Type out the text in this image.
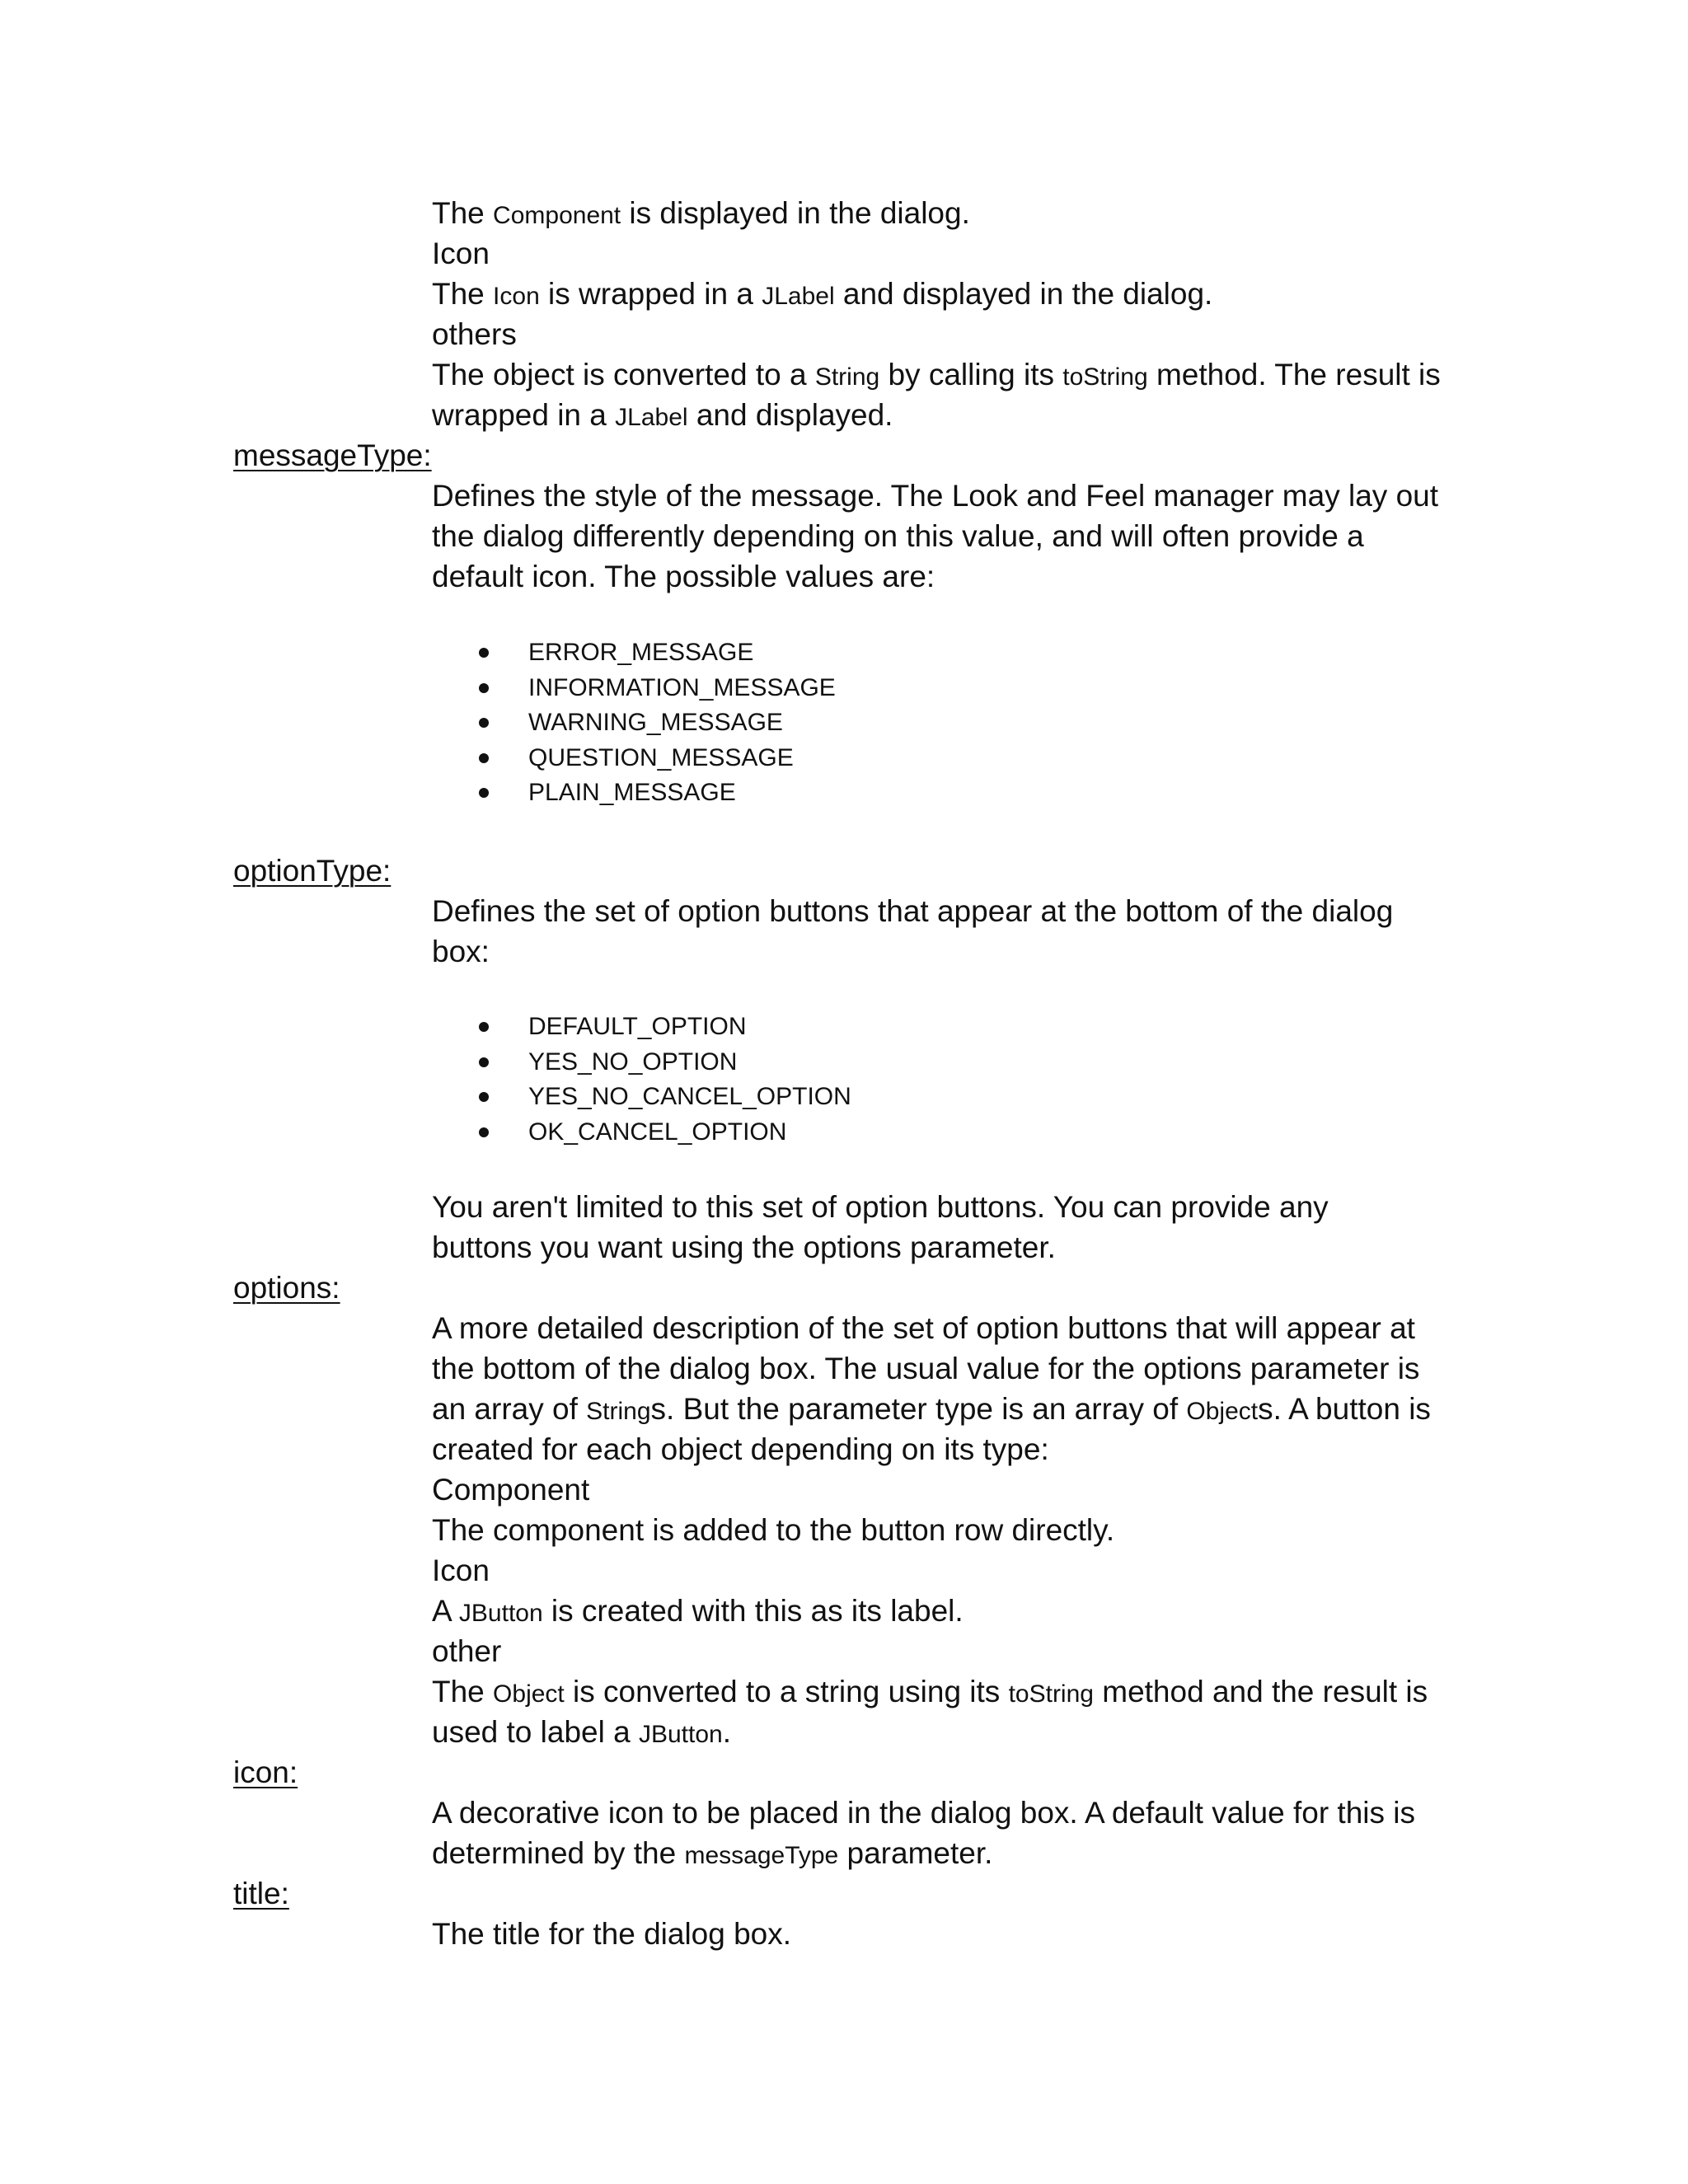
The Component is displayed in the dialog.
Icon
The Icon is wrapped in a JLabel and displayed in the dialog.
others
The object is converted to a String by calling its toString method. The result is
wrapped in a JLabel and displayed.
messageType:
Defines the style of the message. The Look and Feel manager may lay out
the dialog differently depending on this value, and will often provide a
default icon. The possible values are:
ERROR_MESSAGE
INFORMATION_MESSAGE
WARNING_MESSAGE
QUESTION_MESSAGE
PLAIN_MESSAGE
optionType:
Defines the set of option buttons that appear at the bottom of the dialog
box:
DEFAULT_OPTION
YES_NO_OPTION
YES_NO_CANCEL_OPTION
OK_CANCEL_OPTION
You aren't limited to this set of option buttons. You can provide any
buttons you want using the options parameter.
options:
A more detailed description of the set of option buttons that will appear at
the bottom of the dialog box. The usual value for the options parameter is
an array of Strings. But the parameter type is an array of Objects. A button is
created for each object depending on its type:
Component
The component is added to the button row directly.
Icon
A JButton is created with this as its label.
other
The Object is converted to a string using its toString method and the result is
used to label a JButton.
icon:
A decorative icon to be placed in the dialog box. A default value for this is
determined by the messageType parameter.
title:
The title for the dialog box.
